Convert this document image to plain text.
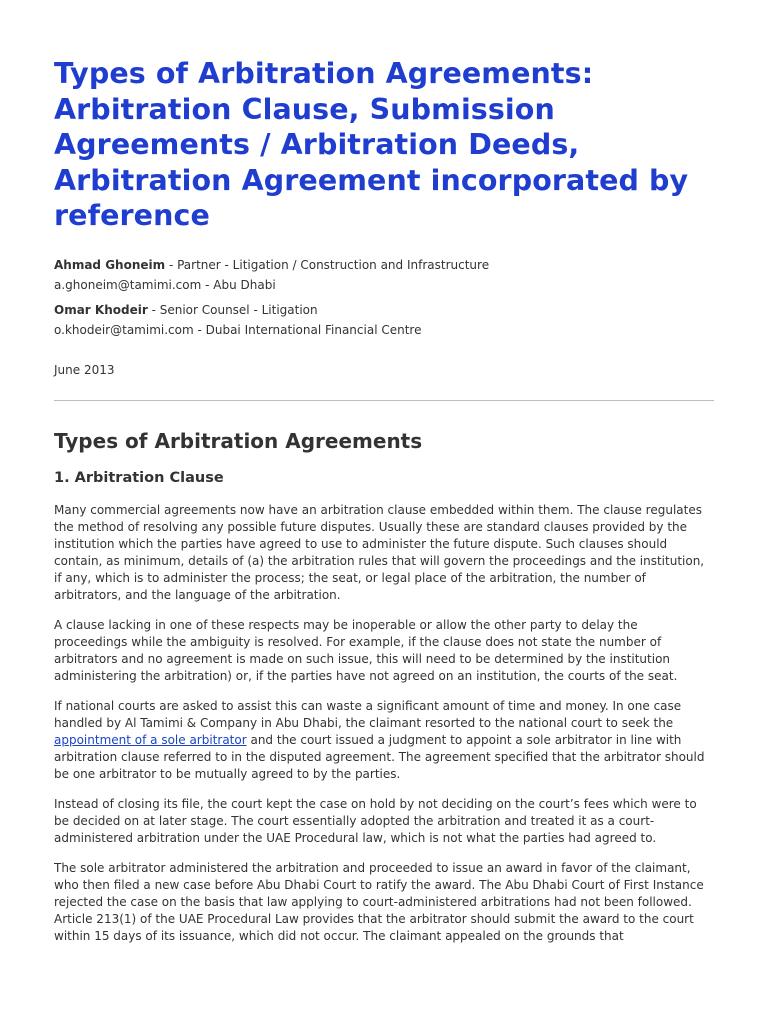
Types of Arbitration Agreements: Arbitration Clause, Submission Agreements / Arbitration Deeds, Arbitration Agreement incorporated by reference
Ahmad Ghoneim - Partner - Litigation / Construction and Infrastructure
a.ghoneim@tamimi.com - Abu Dhabi
Omar Khodeir - Senior Counsel - Litigation
o.khodeir@tamimi.com - Dubai International Financial Centre
June 2013
Types of Arbitration Agreements
1. Arbitration Clause

Many commercial agreements now have an arbitration clause embedded within them. The clause regulates the method of resolving any possible future disputes. Usually these are standard clauses provided by the institution which the parties have agreed to use to administer the future dispute. Such clauses should contain, as minimum, details of (a) the arbitration rules that will govern the proceedings and the institution, if any, which is to administer the process; the seat, or legal place of the arbitration, the number of arbitrators, and the language of the arbitration.

A clause lacking in one of these respects may be inoperable or allow the other party to delay the proceedings while the ambiguity is resolved. For example, if the clause does not state the number of arbitrators and no agreement is made on such issue, this will need to be determined by the institution administering the arbitration) or, if the parties have not agreed on an institution, the courts of the seat.

If national courts are asked to assist this can waste a significant amount of time and money. In one case handled by Al Tamimi & Company in Abu Dhabi, the claimant resorted to the national court to seek the appointment of a sole arbitrator and the court issued a judgment to appoint a sole arbitrator in line with arbitration clause referred to in the disputed agreement. The agreement specified that the arbitrator should be one arbitrator to be mutually agreed to by the parties.

Instead of closing its file, the court kept the case on hold by not deciding on the court’s fees which were to be decided on at later stage. The court essentially adopted the arbitration and treated it as a court-administered arbitration under the UAE Procedural law, which is not what the parties had agreed to.

The sole arbitrator administered the arbitration and proceeded to issue an award in favor of the claimant, who then filed a new case before Abu Dhabi Court to ratify the award. The Abu Dhabi Court of First Instance rejected the case on the basis that law applying to court-administered arbitrations had not been followed. Article 213(1) of the UAE Procedural Law provides that the arbitrator should submit the award to the court within 15 days of its issuance, which did not occur. The claimant appealed on the grounds that
